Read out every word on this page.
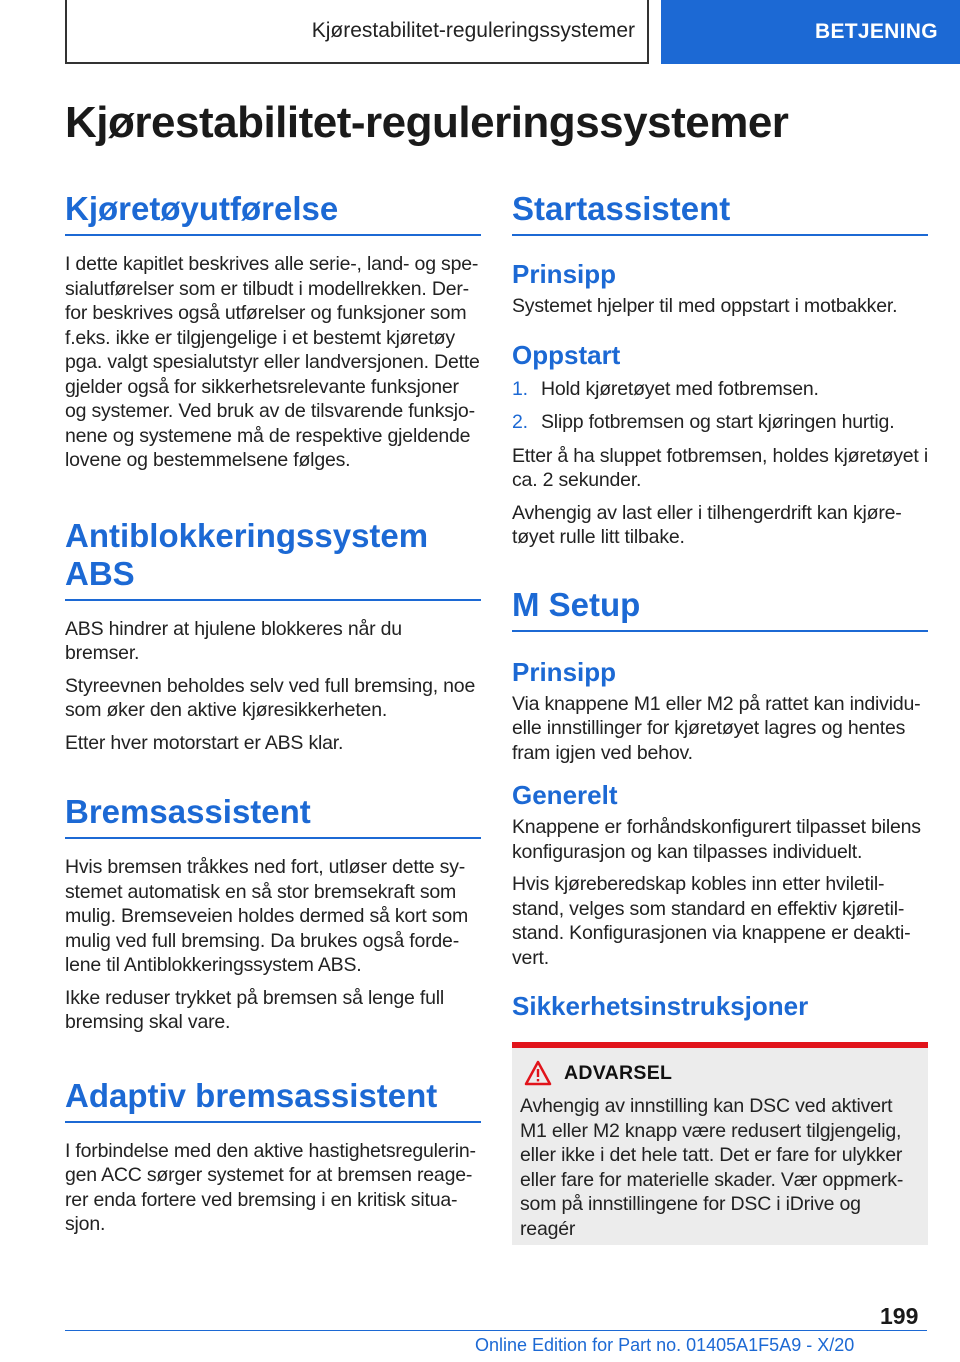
Kjørestabilitet-reguleringssystemer	BETJENING
Kjørestabilitet-reguleringssystemer
Kjøretøyutførelse

I dette kapitlet beskrives alle serie-, land- og spe-sialutførelser som er tilbudt i modellrekken. Der-for beskrives også utførelser og funksjoner som f.eks. ikke er tilgjengelige i et bestemt kjøretøy pga. valgt spesialutstyr eller landversjonen. Dette gjelder også for sikkerhetsrelevante funksjoner og systemer. Ved bruk av de tilsvarende funksjo-nene og systemene må de respektive gjeldende lovene og bestemmelsene følges.

Antiblokkeringssystem ABS

ABS hindrer at hjulene blokkeres når du bremser.

Styreevnen beholdes selv ved full bremsing, noe som øker den aktive kjøresikkerheten.

Etter hver motorstart er ABS klar.

Bremsassistent

Hvis bremsen tråkkes ned fort, utløser dette sy-stemet automatisk en så stor bremsekraft som mulig. Bremseveien holdes dermed så kort som mulig ved full bremsing. Da brukes også forde-lene til Antiblokkeringssystem ABS.

Ikke reduser trykket på bremsen så lenge full bremsing skal vare.

Adaptiv bremsassistent

I forbindelse med den aktive hastighetsregulerin-gen ACC sørger systemet for at bremsen reage-rer enda fortere ved bremsing i en kritisk situa-sjon.

Startassistent
Prinsipp

Systemet hjelper til med oppstart i motbakker.

Oppstart
1. Hold kjøretøyet med fotbremsen.
2. Slipp fotbremsen og start kjøringen hurtig.

Etter å ha sluppet fotbremsen, holdes kjøretøyet i ca. 2 sekunder.

Avhengig av last eller i tilhengerdrift kan kjøre-tøyet rulle litt tilbake.

M Setup
Prinsipp

Via knappene M1 eller M2 på rattet kan individu-elle innstillinger for kjøretøyet lagres og hentes fram igjen ved behov.

Generelt

Knappene er forhåndskonfigurert tilpasset bilens konfigurasjon og kan tilpasses individuelt.

Hvis kjøreberedskap kobles inn etter hviletil-stand, velges som standard en effektiv kjøretil-stand. Konfigurasjonen via knappene er deakti-vert.

Sikkerhetsinstruksjoner
ADVARSEL

Avhengig av innstilling kan DSC ved aktivert M1 eller M2 knapp være redusert tilgjengelig, eller ikke i det hele tatt. Det er fare for ulykker eller fare for materielle skader. Vær oppmerk-som på innstillingene for DSC i iDrive og reagér

199
Online Edition for Part no. 01405A1F5A9 - X/20
